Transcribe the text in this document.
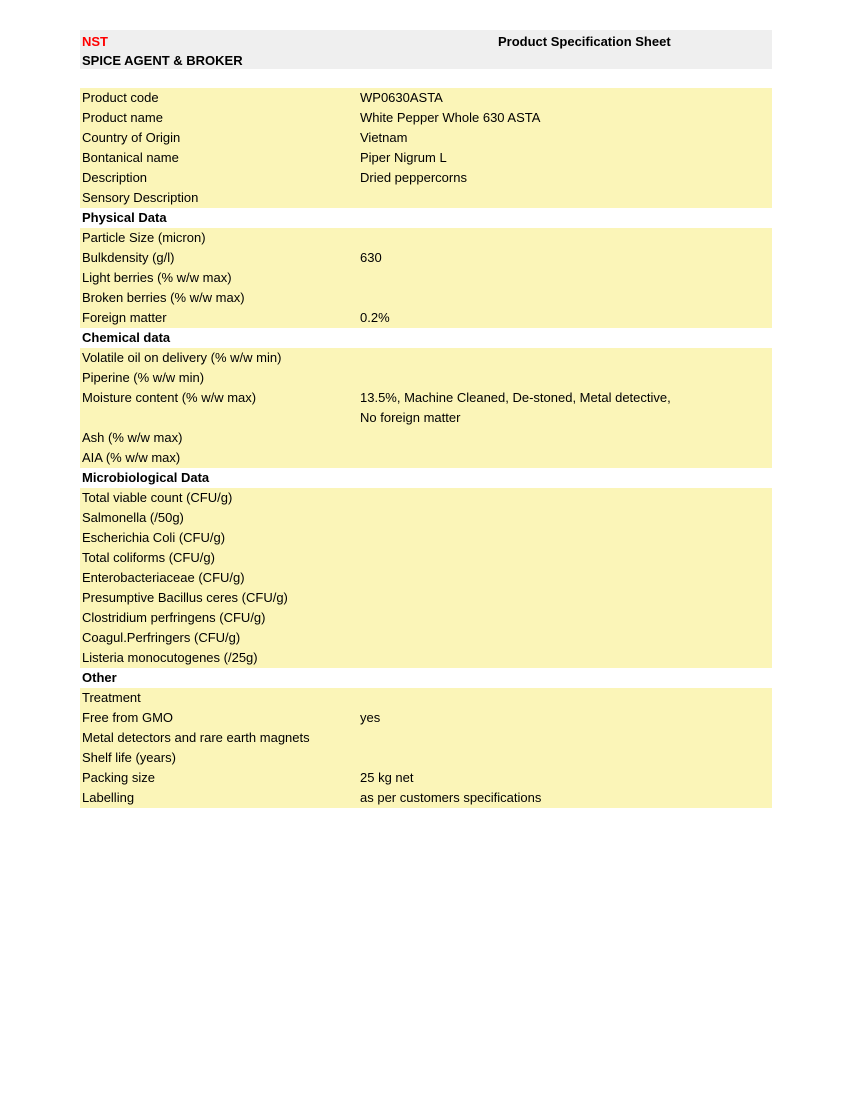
NST
SPICE AGENT & BROKER
Product Specification Sheet
Product code	WP0630ASTA
Product name	White Pepper Whole 630 ASTA
Country of Origin	Vietnam
Bontanical name	Piper Nigrum L
Description	Dried peppercorns
Sensory Description
Physical Data
Particle Size (micron)
Bulkdensity (g/l)	630
Light berries (% w/w max)
Broken berries (% w/w max)
Foreign matter	0.2%
Chemical data
Volatile oil on delivery (% w/w min)
Piperine (% w/w min)
Moisture content (% w/w max)	13.5%, Machine Cleaned, De-stoned, Metal detective,
No foreign matter
Ash (% w/w max)
AIA (% w/w max)
Microbiological Data
Total viable count (CFU/g)
Salmonella (/50g)
Escherichia Coli (CFU/g)
Total coliforms (CFU/g)
Enterobacteriaceae (CFU/g)
Presumptive Bacillus ceres (CFU/g)
Clostridium perfringens (CFU/g)
Coagul.Perfringers (CFU/g)
Listeria monocutogenes (/25g)
Other
Treatment
Free from GMO	yes
Metal detectors and rare earth magnets
Shelf life (years)
Packing size	25 kg net
Labelling	as per customers specifications
